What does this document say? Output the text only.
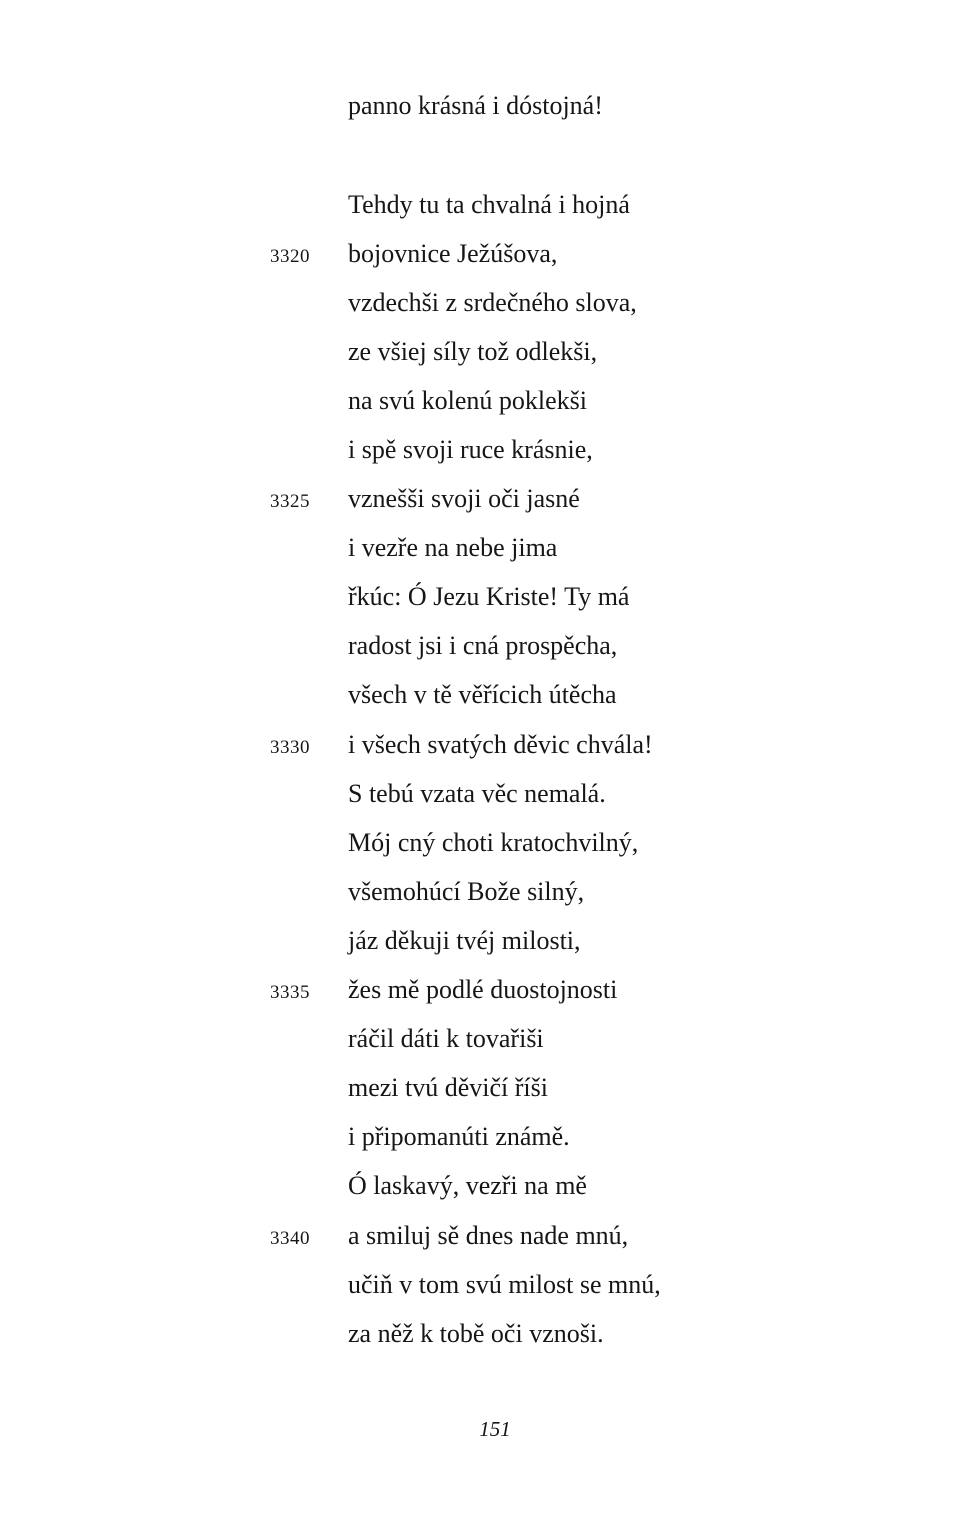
panno krásná i dóstojná!
Tehdy tu ta chvalná i hojná
bojovnice Ježúšova,
vzdechši z srdečného slova,
ze všiej síly tož odlekši,
na svú kolenú poklekši
i spě svoji ruce krásnie,
vznešši svoji oči jasné
i vezře na nebe jima
řkúc: Ó Jezu Kriste! Ty má
radost jsi i cná prospěcha,
všech v tě věřícich útěcha
i všech svatých děvic chvála!
S tebú vzata věc nemalá.
Mój cný choti kratochvilný,
všemohúcí Bože silný,
jáz děkuji tvéj milosti,
žes mě podlé duostojnosti
ráčil dáti k tovařiši
mezi tvú děvičí říši
i připomanúti známě.
Ó laskavý, vezři na mě
a smiluj sě dnes nade mnú,
učiň v tom svú milost se mnú,
za něž k tobě oči vznoši.
3320
3325
3330
3335
3340
151
